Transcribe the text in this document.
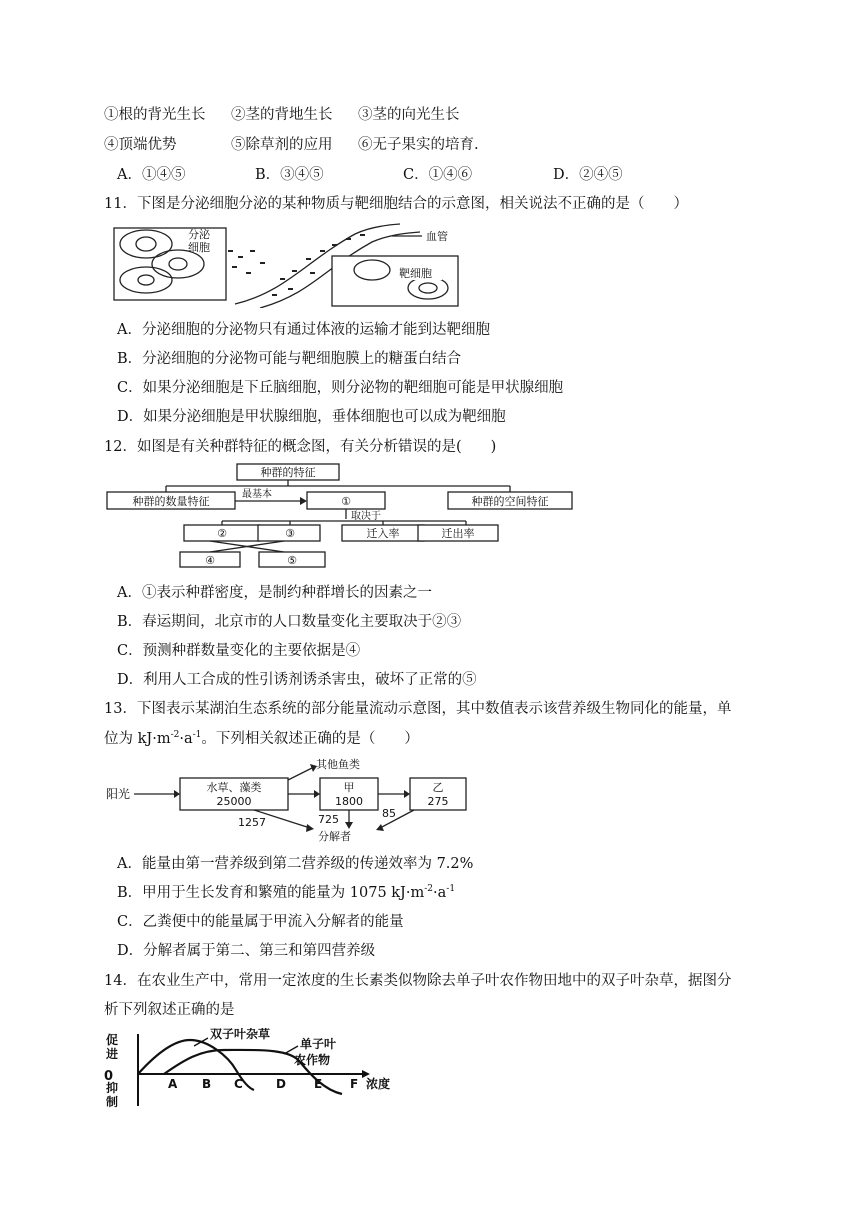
①根的背光生长 ②茎的背地生长 ③茎的向光生长
④顶端优势	⑤除草剂的应用 ⑥无子果实的培育.
A．①④⑤	B．③④⑤	C．①④⑥	D．②④⑤
11．下图是分泌细胞分泌的某种物质与靶细胞结合的示意图，相关说法不正确的是（　　）
分泌
细胞
血管
靶细胞
A．分泌细胞的分泌物只有通过体液的运输才能到达靶细胞
B．分泌细胞的分泌物可能与靶细胞膜上的糖蛋白结合
C．如果分泌细胞是下丘脑细胞，则分泌物的靶细胞可能是甲状腺细胞
D．如果分泌细胞是甲状腺细胞，垂体细胞也可以成为靶细胞
12．如图是有关种群特征的概念图，有关分析错误的是(　　)
种群的特征
种群的数量特征
最基本
①	种群的空间特征
取决于
②	③	迁入率	迁出率
④	⑤
A．①表示种群密度，是制约种群增长的因素之一
B．春运期间，北京市的人口数量变化主要取决于②③
C．预测种群数量变化的主要依据是④
D．利用人工合成的性引诱剂诱杀害虫，破坏了正常的⑤
13．下图表示某湖泊生态系统的部分能量流动示意图，其中数值表示该营养级生物同化的能量，单
位为 $kJ\cdot m^{-2}\cdot a^{-1}$。下列相关叙述正确的是（　　）
阳光	水草、藻类
25000
甲
1800
乙
275
其他鱼类
1257	725	85
分解者
A．能量由第一营养级到第二营养级的传递效率为 7.2%
B．甲用于生长发育和繁殖的能量为 1075 $kJ\cdot m^{-2}\cdot a^{-1}$
C．乙粪便中的能量属于甲流入分解者的能量
D．分解者属于第二、第三和第四营养级
14．在农业生产中，常用一定浓度的生长素类似物除去单子叶农作物田地中的双子叶杂草，据图分
析下列叙述正确的是
促
进
0
抑
制
双子叶杂草
单子叶
农作物
A B C	D E F 浓度
